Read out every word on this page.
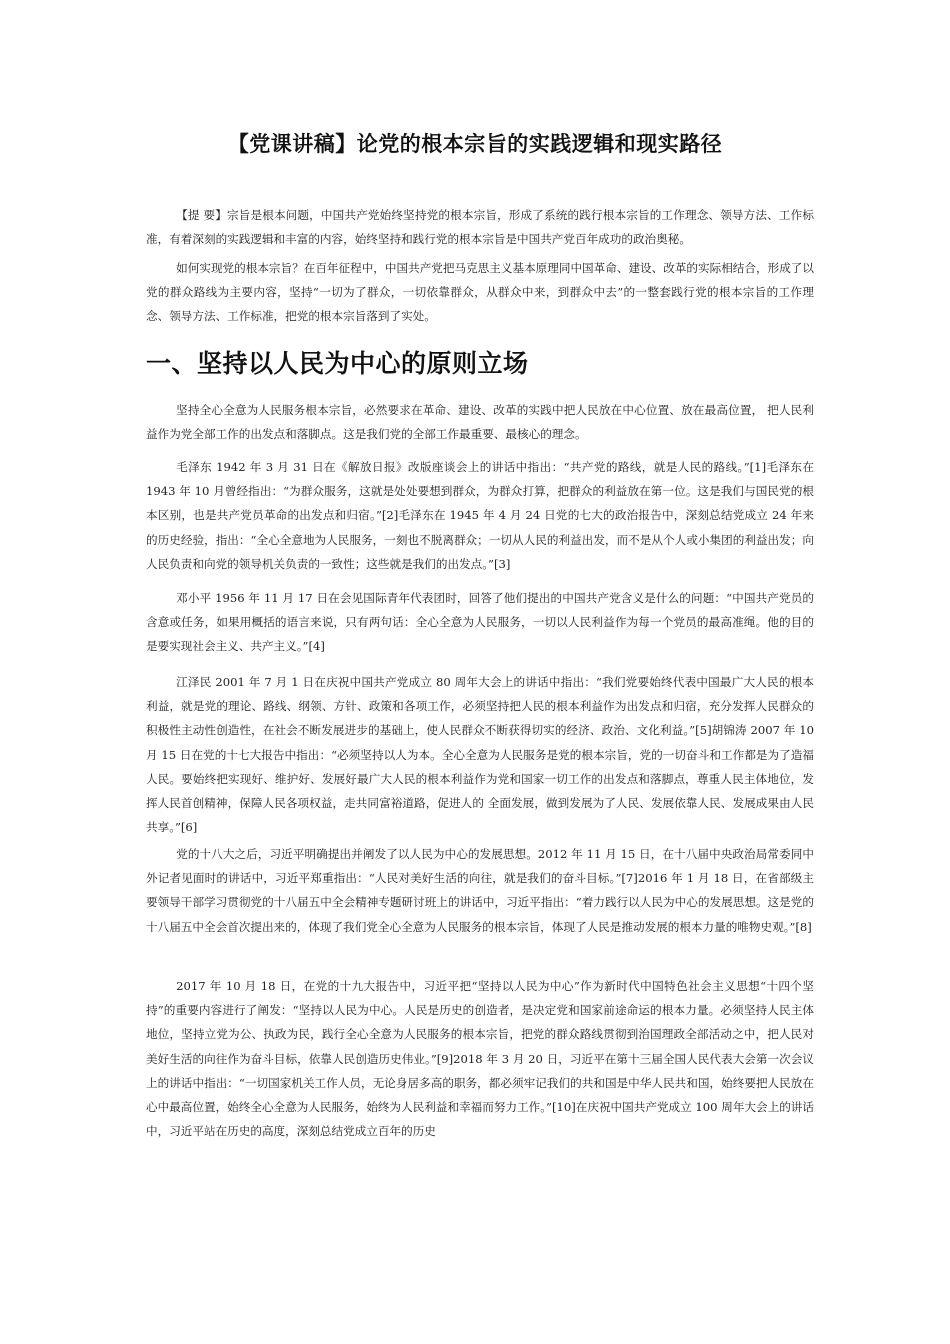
【党课讲稿】论党的根本宗旨的实践逻辑和现实路径

【提 要】宗旨是根本问题，中国共产党始终坚持党的根本宗旨，形成了系统的践行根本宗旨的工作理念、领导方法、工作标准，有着深刻的实践逻辑和丰富的内容，始终坚持和践行党的根本宗旨是中国共产党百年成功的政治奥秘。

如何实现党的根本宗旨？在百年征程中，中国共产党把马克思主义基本原理同中国革命、建设、改革的实际相结合，形成了以党的群众路线为主要内容，坚持“一切为了群众，一切依靠群众，从群众中来，到群众中去”的一整套践行党的根本宗旨的工作理念、领导方法、工作标准，把党的根本宗旨落到了实处。

一、坚持以人民为中心的原则立场

坚持全心全意为人民服务根本宗旨，必然要求在革命、建设、改革的实践中把人民放在中心位置、放在最高位置， 把人民利益作为党全部工作的出发点和落脚点。这是我们党的全部工作最重要、最核心的理念。

毛泽东 1942 年 3 月 31 日在《解放日报》改版座谈会上的讲话中指出：“共产党的路线，就是人民的路线。”[1]毛泽东在 1943 年 10 月曾经指出：“为群众服务，这就是处处要想到群众，为群众打算，把群众的利益放在第一位。这是我们与国民党的根本区别，也是共产党员革命的出发点和归宿。”[2]毛泽东在 1945 年 4 月 24 日党的七大的政治报告中，深刻总结党成立 24 年来的历史经验，指出：“全心全意地为人民服务，一刻也不脱离群众；一切从人民的利益出发，而不是从个人或小集团的利益出发；向人民负责和向党的领导机关负责的一致性；这些就是我们的出发点。”[3]

邓小平 1956 年 11 月 17 日在会见国际青年代表团时，回答了他们提出的中国共产党含义是什么的问题：“中国共产党员的含意或任务，如果用概括的语言来说，只有两句话：全心全意为人民服务，一切以人民利益作为每一个党员的最高准绳。他的目的是要实现社会主义、共产主义。”[4]

江泽民 2001 年 7 月 1 日在庆祝中国共产党成立 80 周年大会上的讲话中指出：“我们党要始终代表中国最广大人民的根本利益，就是党的理论、路线、纲领、方针、政策和各项工作，必须坚持把人民的根本利益作为出发点和归宿，充分发挥人民群众的积极性主动性创造性，在社会不断发展进步的基础上，使人民群众不断获得切实的经济、政治、文化利益。”[5]胡锦涛 2007 年 10 月 15 日在党的十七大报告中指出：“必须坚持以人为本。全心全意为人民服务是党的根本宗旨，党的一切奋斗和工作都是为了造福人民。要始终把实现好、维护好、发展好最广大人民的根本利益作为党和国家一切工作的出发点和落脚点，尊重人民主体地位，发挥人民首创精神，保障人民各项权益，走共同富裕道路，促进人的 全面发展，做到发展为了人民、发展依靠人民、发展成果由人民共享。”[6]

党的十八大之后，习近平明确提出并阐发了以人民为中心的发展思想。2012 年 11 月 15 日，在十八届中央政治局常委同中外记者见面时的讲话中，习近平郑重指出：“人民对美好生活的向往，就是我们的奋斗目标。”[7]2016 年 1 月 18 日，在省部级主要领导干部学习贯彻党的十八届五中全会精神专题研讨班上的讲话中，习近平指出：“着力践行以人民为中心的发展思想。这是党的十八届五中全会首次提出来的，体现了我们党全心全意为人民服务的根本宗旨，体现了人民是推动发展的根本力量的唯物史观。”[8]

2017 年 10 月 18 日，在党的十九大报告中，习近平把“坚持以人民为中心”作为新时代中国特色社会主义思想“十四个坚持”的重要内容进行了阐发：“坚持以人民为中心。人民是历史的创造者，是决定党和国家前途命运的根本力量。必须坚持人民主体地位，坚持立党为公、执政为民，践行全心全意为人民服务的根本宗旨，把党的群众路线贯彻到治国理政全部活动之中，把人民对美好生活的向往作为奋斗目标，依靠人民创造历史伟业。”[9]2018 年 3 月 20 日，习近平在第十三届全国人民代表大会第一次会议上的讲话中指出：“一切国家机关工作人员，无论身居多高的职务，都必须牢记我们的共和国是中华人民共和国，始终要把人民放在心中最高位置，始终全心全意为人民服务，始终为人民利益和幸福而努力工作。”[10]在庆祝中国共产党成立 100 周年大会上的讲话中，习近平站在历史的高度，深刻总结党成立百年的历史
